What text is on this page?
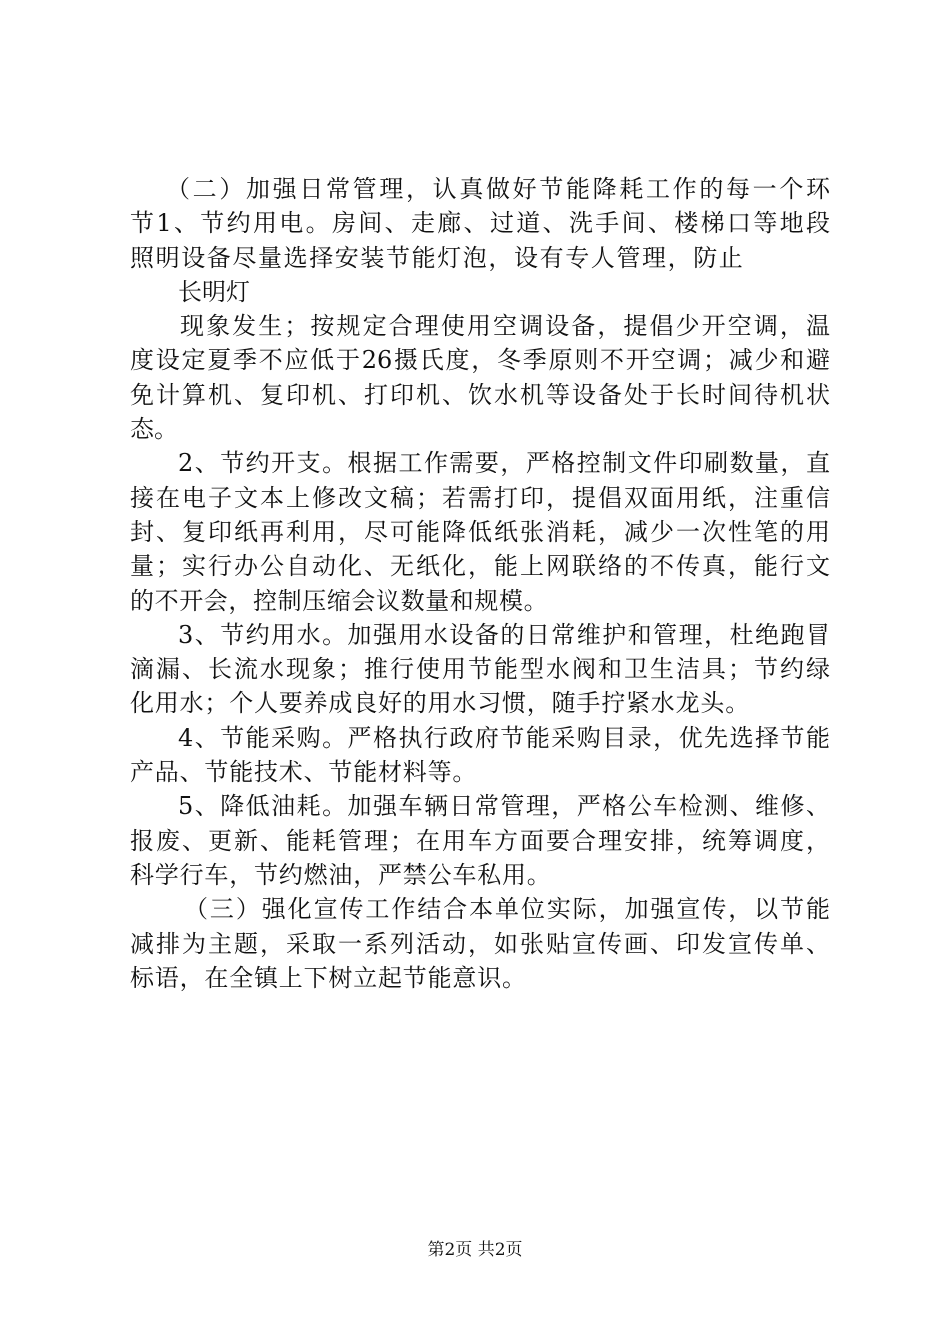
（二）加强日常管理，认真做好节能降耗工作的每一个环
节1、节约用电。房间、走廊、过道、洗手间、楼梯口等地段
照明设备尽量选择安装节能灯泡，设有专人管理，防止
长明灯
现象发生；按规定合理使用空调设备，提倡少开空调，温
度设定夏季不应低于26摄氏度，冬季原则不开空调；减少和避
免计算机、复印机、打印机、饮水机等设备处于长时间待机状
态。
2、节约开支。根据工作需要，严格控制文件印刷数量，直
接在电子文本上修改文稿；若需打印，提倡双面用纸，注重信
封、复印纸再利用，尽可能降低纸张消耗，减少一次性笔的用
量；实行办公自动化、无纸化，能上网联络的不传真，能行文
的不开会，控制压缩会议数量和规模。
3、节约用水。加强用水设备的日常维护和管理，杜绝跑冒
滴漏、长流水现象；推行使用节能型水阀和卫生洁具；节约绿
化用水；个人要养成良好的用水习惯，随手拧紧水龙头。
4、节能采购。严格执行政府节能采购目录，优先选择节能
产品、节能技术、节能材料等。
5、降低油耗。加强车辆日常管理，严格公车检测、维修、
报废、更新、能耗管理；在用车方面要合理安排，统筹调度，
科学行车，节约燃油，严禁公车私用。
（三）强化宣传工作结合本单位实际，加强宣传，以节能
减排为主题，采取一系列活动，如张贴宣传画、印发宣传单、
标语，在全镇上下树立起节能意识。
第2页 共2页
